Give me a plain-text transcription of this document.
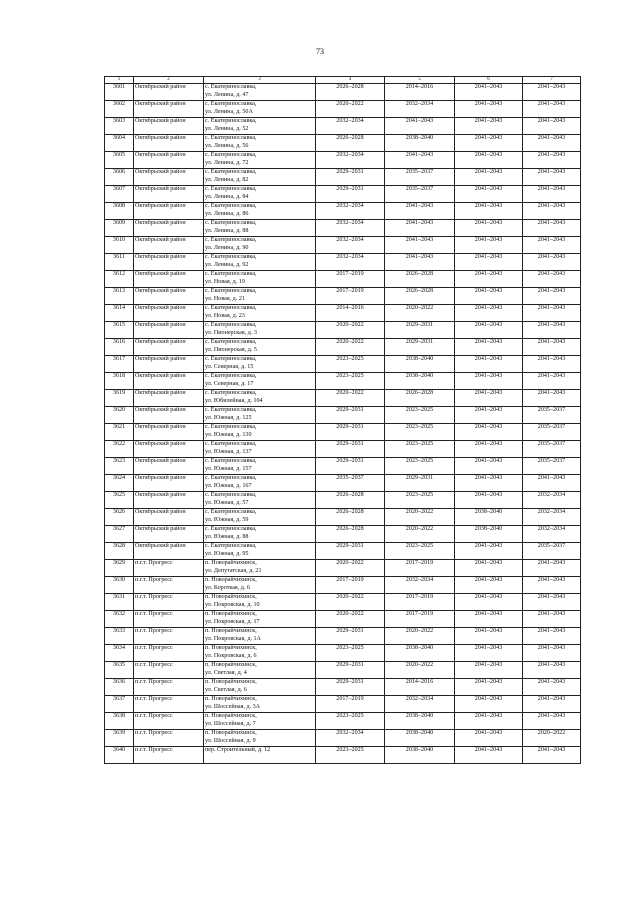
73
1	2	3	4	5	6	7
3601	Октябрьский район	с. Екатеринославка,
ул. Ленина, д. 47	2026–2028	2014–2016	2041–2043	2041–2043
3602	Октябрьский район	с. Екатеринославка,
ул. Ленина, д. 50А	2020–2022	2032–2034	2041–2043	2041–2043
3603	Октябрьский район	с. Екатеринославка,
ул. Ленина, д. 52	2032–2034	2041–2043	2041–2043	2041–2043
3604	Октябрьский район	с. Екатеринославка,
ул. Ленина, д. 56	2026–2028	2038–2040	2041–2043	2041–2043
3605	Октябрьский район	с. Екатеринославка,
ул. Ленина, д. 72	2032–2034	2041–2043	2041–2043	2041–2043
3606	Октябрьский район	с. Екатеринославка,
ул. Ленина, д. 82	2029–2031	2035–2037	2041–2043	2041–2043
3607	Октябрьский район	с. Екатеринославка,
ул. Ленина, д. 84	2029–2031	2035–2037	2041–2043	2041–2043
3608	Октябрьский район	с. Екатеринославка,
ул. Ленина, д. 86	2032–2034	2041–2043	2041–2043	2041–2043
3609	Октябрьский район	с. Екатеринославка,
ул. Ленина, д. 88	2032–2034	2041–2043	2041–2043	2041–2043
3610	Октябрьский район	с. Екатеринославка,
ул. Ленина, д. 90	2032–2034	2041–2043	2041–2043	2041–2043
3611	Октябрьский район	с. Екатеринославка,
ул. Ленина, д. 92	2032–2034	2041–2043	2041–2043	2041–2043
3612	Октябрьский район	с. Екатеринославка,
ул. Новая, д. 19	2017–2019	2026–2028	2041–2043	2041–2043
3613	Октябрьский район	с. Екатеринославка,
ул. Новая, д. 21	2017–2019	2026–2028	2041–2043	2041–2043
3614	Октябрьский район	с. Екатеринославка,
ул. Новая, д. 23	2014–2016	2020–2022	2041–2043	2041–2043
3615	Октябрьский район	с. Екатеринославка,
ул. Пионерская, д. 3	2020–2022	2029–2031	2041–2043	2041–2043
3616	Октябрьский район	с. Екатеринославка,
ул. Пионерская, д. 5	2020–2022	2029–2031	2041–2043	2041–2043
3617	Октябрьский район	с. Екатеринославка,
ул. Северная, д. 15	2023–2025	2038–2040	2041–2043	2041–2043
3618	Октябрьский район	с. Екатеринославка,
ул. Северная, д. 17	2023–2025	2038–2040	2041–2043	2041–2043
3619	Октябрьский район	с. Екатеринославка,
ул. Юбилейная, д. 104	2020–2022	2026–2028	2041–2043	2041–2043
3620	Октябрьский район	с. Екатеринославка,
ул. Южная, д. 125	2029–2031	2023–2025	2041–2043	2035–2037
3621	Октябрьский район	с. Екатеринославка,
ул. Южная, д. 130	2029–2031	2023–2025	2041–2043	2035–2037
3622	Октябрьский район	с. Екатеринославка,
ул. Южная, д. 137	2029–2031	2023–2025	2041–2043	2035–2037
3623	Октябрьский район	с. Екатеринославка,
ул. Южная, д. 157	2029–2031	2023–2025	2041–2043	2035–2037
3624	Октябрьский район	с. Екатеринославка,
ул. Южная, д. 167	2035–2037	2029–2031	2041–2043	2041–2043
3625	Октябрьский район	с. Екатеринославка,
ул. Южная, д. 57	2026–2028	2023–2025	2041–2043	2032–2034
3626	Октябрьский район	с. Екатеринославка,
ул. Южная, д. 59	2026–2028	2020–2022	2038–2040	2032–2034
3627	Октябрьский район	с. Екатеринославка,
ул. Южная, д. 88	2026–2028	2020–2022	2038–2040	2032–2034
3628	Октябрьский район	с. Екатеринославка,
ул. Южная, д. 95	2029–2031	2023–2025	2041–2043	2035–2037
3629	п.г.т. Прогресс	п. Новорайчихинск,
ул. Депутатская, д. 21	2020–2022	2017–2019	2041–2043	2041–2043
3630	п.г.т. Прогресс	п. Новорайчихинск,
ул. Короткая, д. 6	2017–2019	2032–2034	2041–2043	2041–2043
3631	п.г.т. Прогресс	п. Новорайчихинск,
ул. Покровская, д. 10	2020–2022	2017–2019	2041–2043	2041–2043
3632	п.г.т. Прогресс	п. Новорайчихинск,
ул. Покровская, д. 17	2020–2022	2017–2019	2041–2043	2041–2043
3633	п.г.т. Прогресс	п. Новорайчихинск,
ул. Покровская, д. 1А	2029–2031	2020–2022	2041–2043	2041–2043
3634	п.г.т. Прогресс	п. Новорайчихинск,
ул. Покровская, д. 6	2023–2025	2038–2040	2041–2043	2041–2043
3635	п.г.т. Прогресс	п. Новорайчихинск,
ул. Светлая, д. 4	2029–2031	2020–2022	2041–2043	2041–2043
3636	п.г.т. Прогресс	п. Новорайчихинск,
ул. Светлая, д. 6	2029–2031	2014–2016	2041–2043	2041–2043
3637	п.г.т. Прогресс	п. Новорайчихинск,
ул. Шоссейная, д. 3А	2017–2019	2032–2034	2041–2043	2041–2043
3638	п.г.т. Прогресс	п. Новорайчихинск,
ул. Шоссейная, д. 7	2023–2025	2038–2040	2041–2043	2041–2043
3639	п.г.т. Прогресс	п. Новорайчихинск,
ул. Шоссейная, д. 9	2032–2034	2038–2040	2041–2043	2020–2022
3640	п.г.т. Прогресс	пер. Строительный, д. 12	2023–2025	2038–2040	2041–2043	2041–2043
